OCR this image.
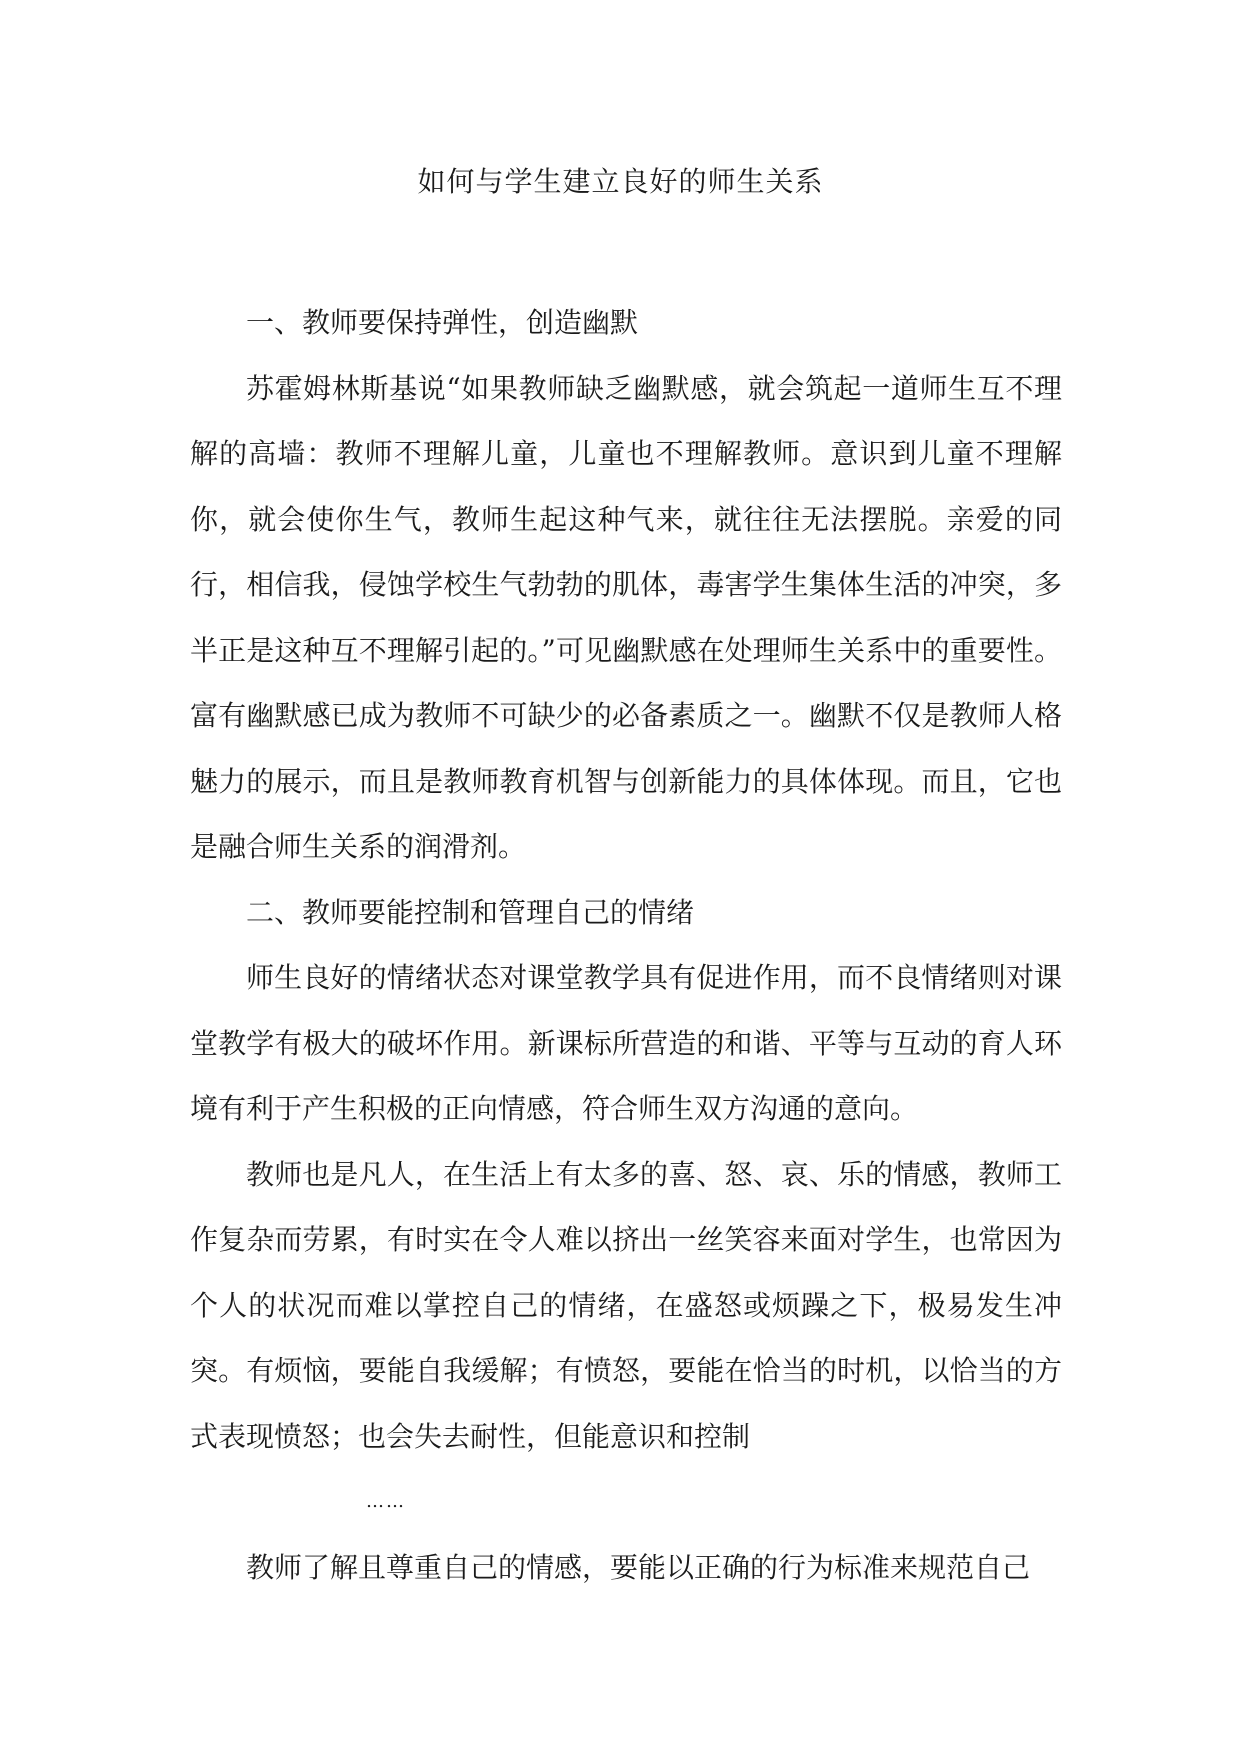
如何与学生建立良好的师生关系

一、教师要保持弹性，创造幽默

苏霍姆林斯基说“如果教师缺乏幽默感，就会筑起一道师生互不理解的高墙：教师不理解儿童，儿童也不理解教师。意识到儿童不理解你，就会使你生气，教师生起这种气来，就往往无法摆脱。亲爱的同行，相信我，侵蚀学校生气勃勃的肌体，毒害学生集体生活的冲突，多半正是这种互不理解引起的。”可见幽默感在处理师生关系中的重要性。富有幽默感已成为教师不可缺少的必备素质之一。幽默不仅是教师人格魅力的展示，而且是教师教育机智与创新能力的具体体现。而且，它也是融合师生关系的润滑剂。

二、教师要能控制和管理自己的情绪

师生良好的情绪状态对课堂教学具有促进作用，而不良情绪则对课堂教学有极大的破坏作用。新课标所营造的和谐、平等与互动的育人环境有利于产生积极的正向情感，符合师生双方沟通的意向。

教师也是凡人，在生活上有太多的喜、怒、哀、乐的情感，教师工作复杂而劳累，有时实在令人难以挤出一丝笑容来面对学生，也常因为个人的状况而难以掌控自己的情绪，在盛怒或烦躁之下，极易发生冲突。有烦恼，要能自我缓解；有愤怒，要能在恰当的时机，以恰当的方式表现愤怒；也会失去耐性，但能意识和控制

……

教师了解且尊重自己的情感，要能以正确的行为标准来规范自己
